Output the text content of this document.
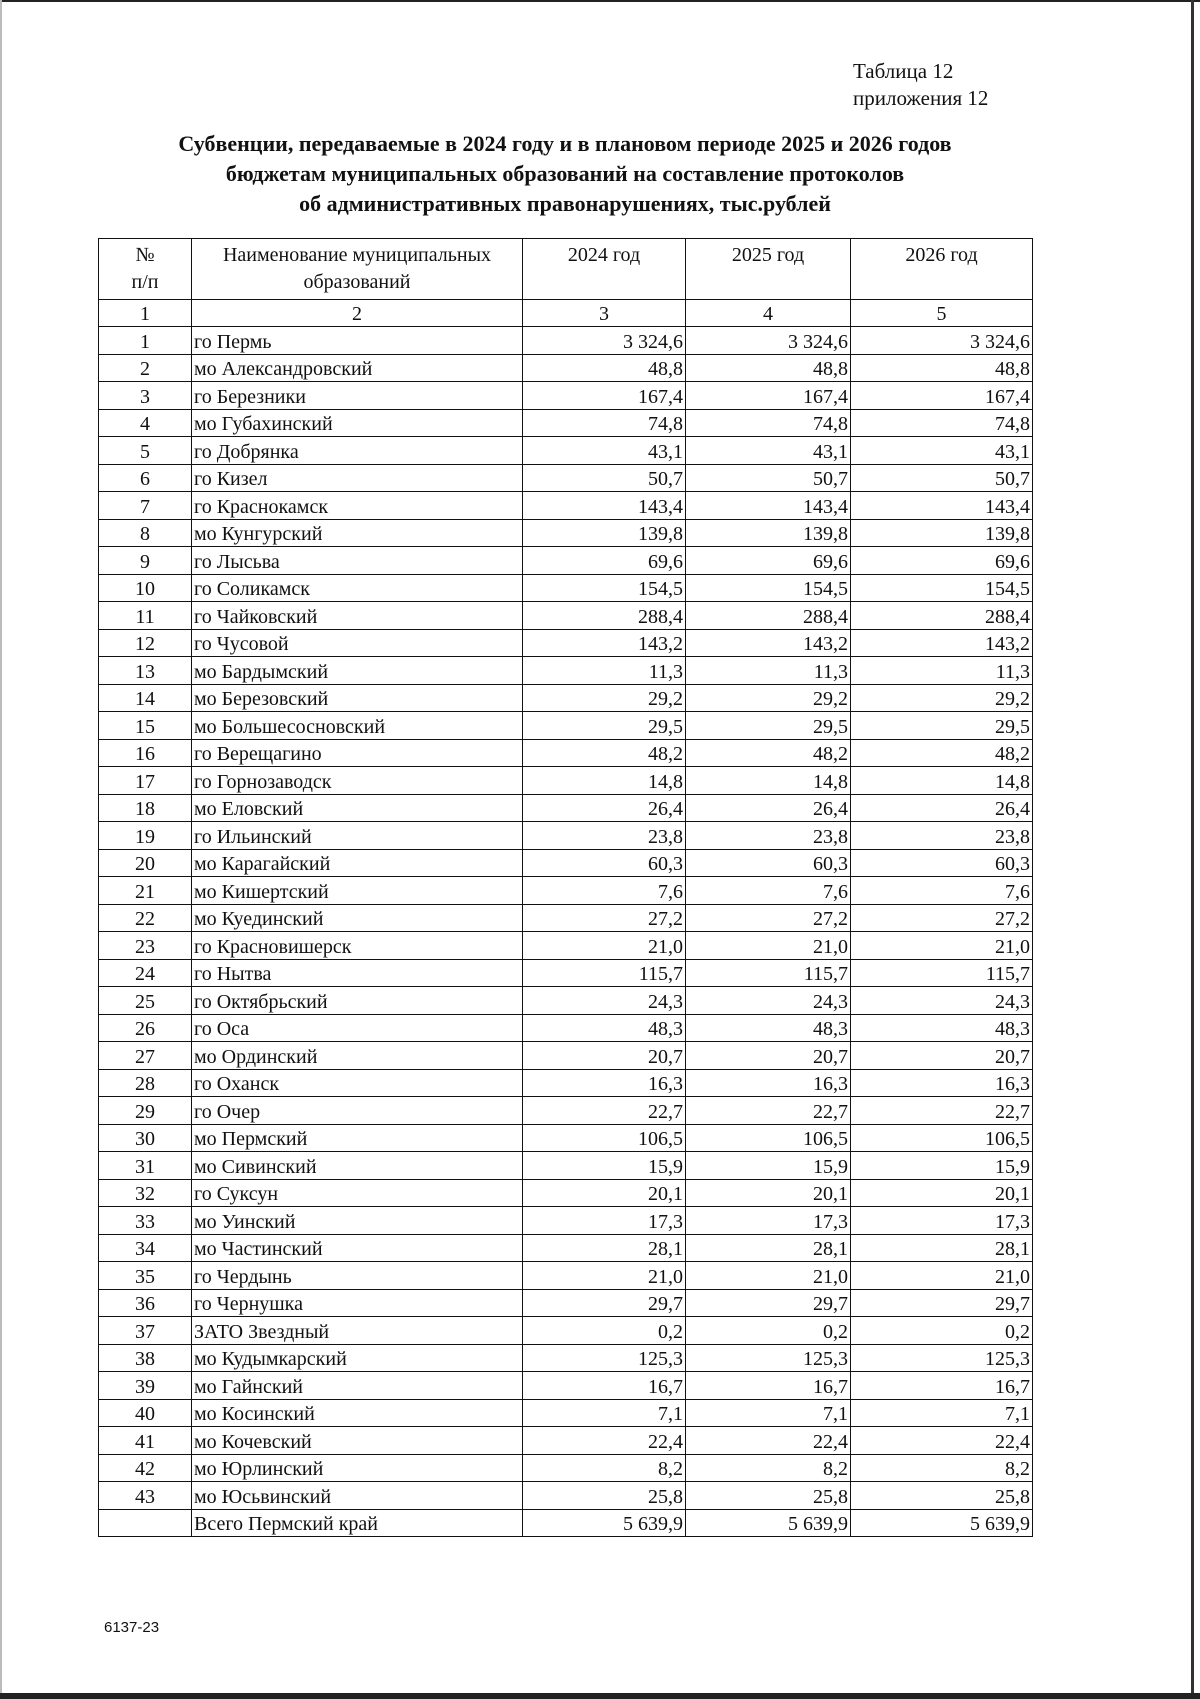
Таблица 12
приложения 12
Субвенции, передаваемые в 2024 году и в плановом периоде 2025 и 2026 годов
бюджетам муниципальных образований на составление протоколов
об административных правонарушениях, тыс.рублей
№
п/п	Наименование муниципальных образований	2024 год	2025 год	2026 год
1	2	3	4	5
1	го Пермь	3 324,6	3 324,6	3 324,6
2	мо Александровский	48,8	48,8	48,8
3	го Березники	167,4	167,4	167,4
4	мо Губахинский	74,8	74,8	74,8
5	го Добрянка	43,1	43,1	43,1
6	го Кизел	50,7	50,7	50,7
7	го Краснокамск	143,4	143,4	143,4
8	мо Кунгурский	139,8	139,8	139,8
9	го Лысьва	69,6	69,6	69,6
10	го Соликамск	154,5	154,5	154,5
11	го Чайковский	288,4	288,4	288,4
12	го Чусовой	143,2	143,2	143,2
13	мо Бардымский	11,3	11,3	11,3
14	мо Березовский	29,2	29,2	29,2
15	мо Большесосновский	29,5	29,5	29,5
16	го Верещагино	48,2	48,2	48,2
17	го Горнозаводск	14,8	14,8	14,8
18	мо Еловский	26,4	26,4	26,4
19	го Ильинский	23,8	23,8	23,8
20	мо Карагайский	60,3	60,3	60,3
21	мо Кишертский	7,6	7,6	7,6
22	мо Куединский	27,2	27,2	27,2
23	го Красновишерск	21,0	21,0	21,0
24	го Нытва	115,7	115,7	115,7
25	го Октябрьский	24,3	24,3	24,3
26	го Оса	48,3	48,3	48,3
27	мо Ординский	20,7	20,7	20,7
28	го Оханск	16,3	16,3	16,3
29	го Очер	22,7	22,7	22,7
30	мо Пермский	106,5	106,5	106,5
31	мо Сивинский	15,9	15,9	15,9
32	го Суксун	20,1	20,1	20,1
33	мо Уинский	17,3	17,3	17,3
34	мо Частинский	28,1	28,1	28,1
35	го Чердынь	21,0	21,0	21,0
36	го Чернушка	29,7	29,7	29,7
37	ЗАТО Звездный	0,2	0,2	0,2
38	мо Кудымкарский	125,3	125,3	125,3
39	мо Гайнский	16,7	16,7	16,7
40	мо Косинский	7,1	7,1	7,1
41	мо Кочевский	22,4	22,4	22,4
42	мо Юрлинский	8,2	8,2	8,2
43	мо Юсьвинский	25,8	25,8	25,8
	Всего Пермский край	5 639,9	5 639,9	5 639,9
6137-23
